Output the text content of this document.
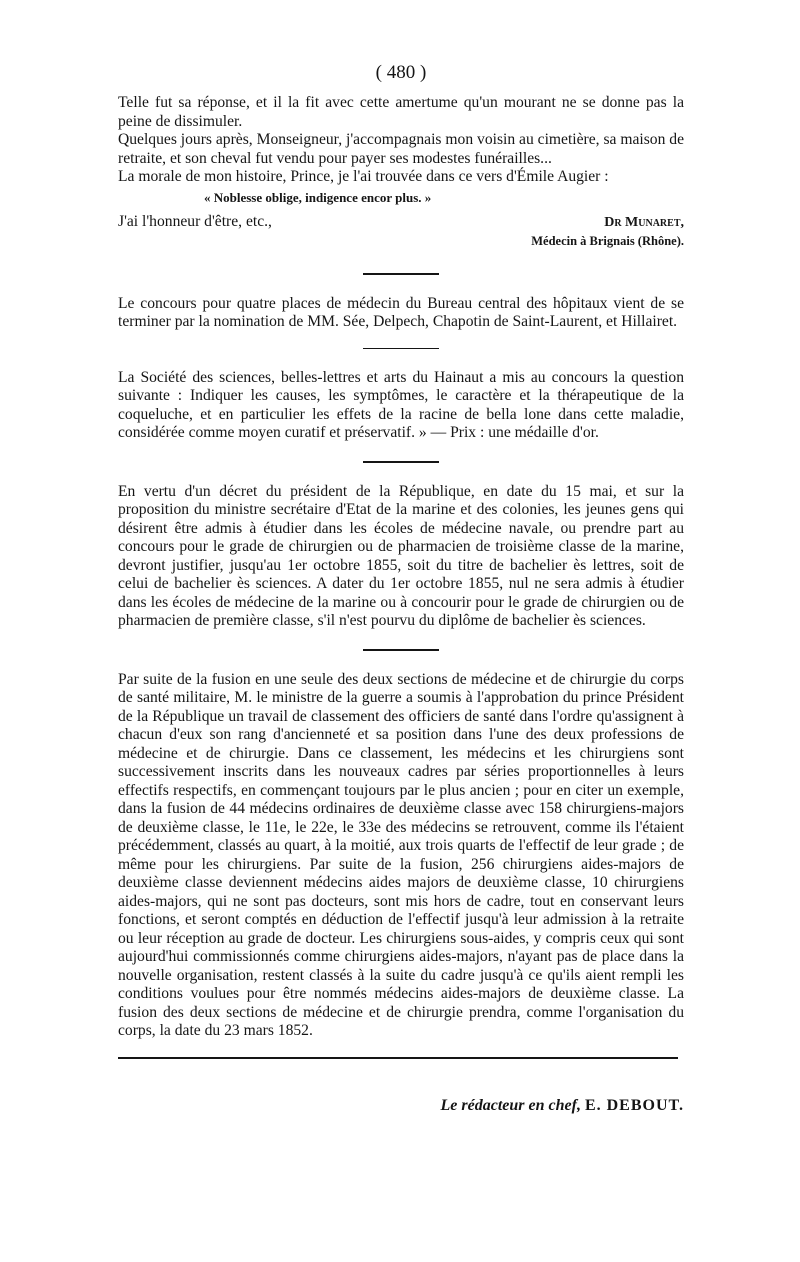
( 480 )

Telle fut sa réponse, et il la fit avec cette amertume qu'un mourant ne se donne pas la peine de dissimuler.

Quelques jours après, Monseigneur, j'accompagnais mon voisin au cimetière, sa maison de retraite, et son cheval fut vendu pour payer ses modestes funérailles...

La morale de mon histoire, Prince, je l'ai trouvée dans ce vers d'Émile Augier :

« Noblesse oblige, indigence encor plus. »
J'ai l'honneur d'être, etc.,	Dr Munaret,
Médecin à Brignais (Rhône).

Le concours pour quatre places de médecin du Bureau central des hôpitaux vient de se terminer par la nomination de MM. Sée, Delpech, Chapotin de Saint-Laurent, et Hillairet.

La Société des sciences, belles-lettres et arts du Hainaut a mis au concours la question suivante : Indiquer les causes, les symptômes, le caractère et la thérapeutique de la coqueluche, et en particulier les effets de la racine de bella lone dans cette maladie, considérée comme moyen curatif et préservatif. » — Prix : une médaille d'or.

En vertu d'un décret du président de la République, en date du 15 mai, et sur la proposition du ministre secrétaire d'Etat de la marine et des colonies, les jeunes gens qui désirent être admis à étudier dans les écoles de médecine navale, ou prendre part au concours pour le grade de chirurgien ou de pharmacien de troisième classe de la marine, devront justifier, jusqu'au 1er octobre 1855, soit du titre de bachelier ès lettres, soit de celui de bachelier ès sciences. A dater du 1er octobre 1855, nul ne sera admis à étudier dans les écoles de médecine de la marine ou à concourir pour le grade de chirurgien ou de pharmacien de première classe, s'il n'est pourvu du diplôme de bachelier ès sciences.

Par suite de la fusion en une seule des deux sections de médecine et de chirurgie du corps de santé militaire, M. le ministre de la guerre a soumis à l'approbation du prince Président de la République un travail de classement des officiers de santé dans l'ordre qu'assignent à chacun d'eux son rang d'ancienneté et sa position dans l'une des deux professions de médecine et de chirurgie. Dans ce classement, les médecins et les chirurgiens sont successivement inscrits dans les nouveaux cadres par séries proportionnelles à leurs effectifs respectifs, en commençant toujours par le plus ancien ; pour en citer un exemple, dans la fusion de 44 médecins ordinaires de deuxième classe avec 158 chirurgiens-majors de deuxième classe, le 11e, le 22e, le 33e des médecins se retrouvent, comme ils l'étaient précédemment, classés au quart, à la moitié, aux trois quarts de l'effectif de leur grade ; de même pour les chirurgiens. Par suite de la fusion, 256 chirurgiens aides-majors de deuxième classe deviennent médecins aides majors de deuxième classe, 10 chirurgiens aides-majors, qui ne sont pas docteurs, sont mis hors de cadre, tout en conservant leurs fonctions, et seront comptés en déduction de l'effectif jusqu'à leur admission à la retraite ou leur réception au grade de docteur. Les chirurgiens sous-aides, y compris ceux qui sont aujourd'hui commissionnés comme chirurgiens aides-majors, n'ayant pas de place dans la nouvelle organisation, restent classés à la suite du cadre jusqu'à ce qu'ils aient rempli les conditions voulues pour être nommés médecins aides-majors de deuxième classe. La fusion des deux sections de médecine et de chirurgie prendra, comme l'organisation du corps, la date du 23 mars 1852.

Le rédacteur en chef, E. DEBOUT.
